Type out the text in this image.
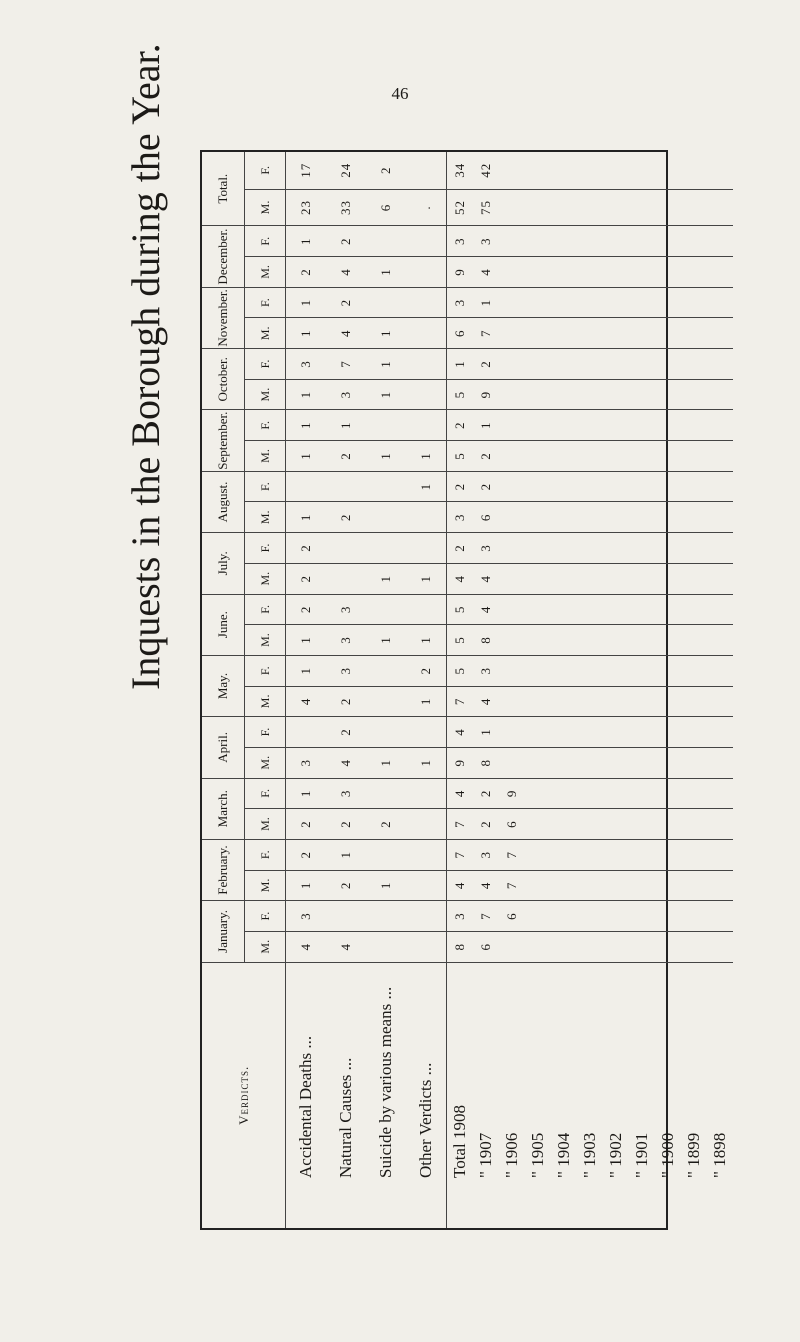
46
Inquests in the Borough during the Year.
Verdicts.	January.		February.		March.		April.		May.		June.		July.		August.		September.		October.		November.		December.		Total.	
	M.	F.	M.	F.	M.	F.	M.	F.	M.	F.	M.	F.	M.	F.	M.	F.	M.	F.	M.	F.	M.	F.	M.	F.	M.	F.
Accidental Deaths ...	4	3	1	2	2	1	3		4	1	1	2	2	2	1		1	1	1	3	1	1	2	1	23	17
Natural Causes ...	4		2	1	2	3	4	2	2	3	3	3			2		2	1	3	7	4	2	4	2	33	24
Suicide by various means ...			1		2		1				1		1				1		1	1	1		1		6	2
Other Verdicts ...							1		1	2	1		1			1	1								.	
Total 1908	8	3	4	7	7	4	9	4	7	5	5	5	4	2	3	2	5	2	5	1	6	3	9	3	52	34
" 1907	6	7	4	3	2	2	8	1	4	3	8	4	4	3	6	2	2	1	9	2	7	1	4	3	75	42
" 1906		6	7	7	6	9																				
" 1905																										
" 1904																										
" 1903																										
" 1902																										
" 1901																										
" 1900																										
" 1899																										
" 1898																										
